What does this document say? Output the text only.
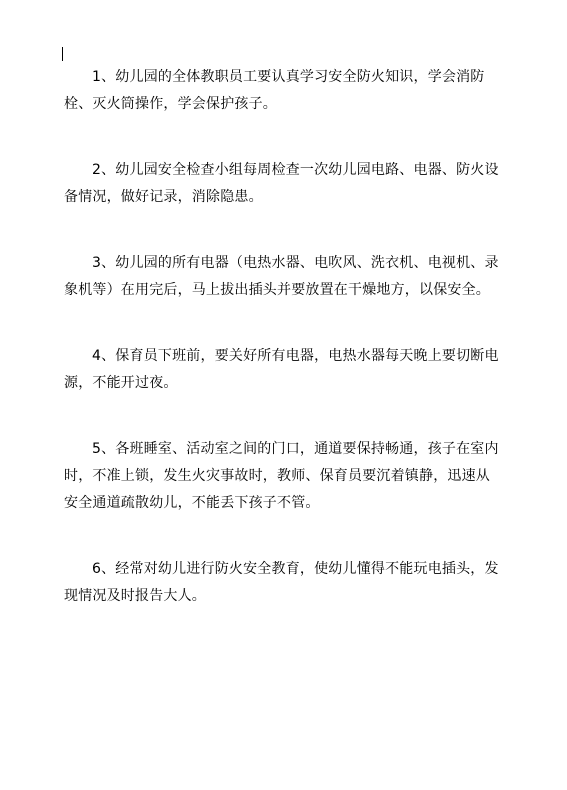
1、幼儿园的全体教职员工要认真学习安全防火知识，学会消防栓、灭火筒操作，学会保护孩子。

2、幼儿园安全检查小组每周检查一次幼儿园电路、电器、防火设备情况，做好记录，消除隐患。

3、幼儿园的所有电器（电热水器、电吹风、洗衣机、电视机、录象机等）在用完后，马上拔出插头并要放置在干燥地方，以保安全。

4、保育员下班前，要关好所有电器，电热水器每天晚上要切断电源，不能开过夜。

5、各班睡室、活动室之间的门口，通道要保持畅通，孩子在室内时，不准上锁，发生火灾事故时，教师、保育员要沉着镇静，迅速从安全通道疏散幼儿，不能丢下孩子不管。

6、经常对幼儿进行防火安全教育，使幼儿懂得不能玩电插头，发现情况及时报告大人。
